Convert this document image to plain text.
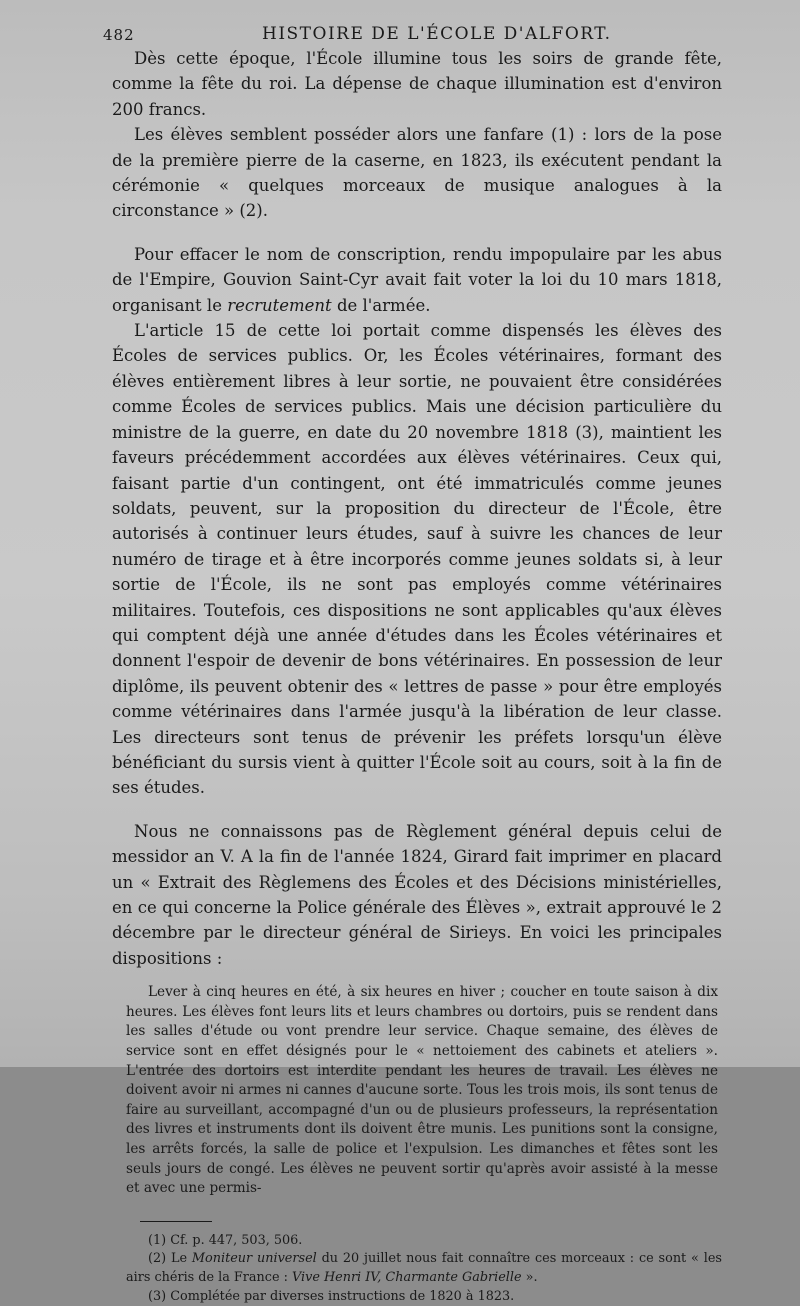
482	HISTOIRE DE L'ÉCOLE D'ALFORT.

Dès cette époque, l'École illumine tous les soirs de grande fête, comme la fête du roi. La dépense de chaque illumination est d'environ 200 francs.

Les élèves semblent posséder alors une fanfare (1) : lors de la pose de la première pierre de la caserne, en 1823, ils exécutent pendant la cérémonie « quelques morceaux de musique analogues à la circonstance » (2).

Pour effacer le nom de conscription, rendu impopulaire par les abus de l'Empire, Gouvion Saint-Cyr avait fait voter la loi du 10 mars 1818, organisant le recrutement de l'armée.

L'article 15 de cette loi portait comme dispensés les élèves des Écoles de services publics. Or, les Écoles vétérinaires, formant des élèves entièrement libres à leur sortie, ne pouvaient être considérées comme Écoles de services publics. Mais une décision particulière du ministre de la guerre, en date du 20 novembre 1818 (3), maintient les faveurs précédemment accordées aux élèves vétérinaires. Ceux qui, faisant partie d'un contingent, ont été immatriculés comme jeunes soldats, peuvent, sur la proposition du directeur de l'École, être autorisés à continuer leurs études, sauf à suivre les chances de leur numéro de tirage et à être incorporés comme jeunes soldats si, à leur sortie de l'École, ils ne sont pas employés comme vétérinaires militaires. Toutefois, ces dispositions ne sont applicables qu'aux élèves qui comptent déjà une année d'études dans les Écoles vétérinaires et donnent l'espoir de devenir de bons vétérinaires. En possession de leur diplôme, ils peuvent obtenir des « lettres de passe » pour être employés comme vétérinaires dans l'armée jusqu'à la libération de leur classe. Les directeurs sont tenus de prévenir les préfets lorsqu'un élève bénéficiant du sursis vient à quitter l'École soit au cours, soit à la fin de ses études.

Nous ne connaissons pas de Règlement général depuis celui de messidor an V. A la fin de l'année 1824, Girard fait imprimer en placard un « Extrait des Règlemens des Écoles et des Décisions ministérielles, en ce qui concerne la Police générale des Élèves », extrait approuvé le 2 décembre par le directeur général de Sirieys. En voici les principales dispositions :

Lever à cinq heures en été, à six heures en hiver ; coucher en toute saison à dix heures. Les élèves font leurs lits et leurs chambres ou dortoirs, puis se rendent dans les salles d'étude ou vont prendre leur service. Chaque semaine, des élèves de service sont en effet désignés pour le « nettoiement des cabinets et ateliers ». L'entrée des dortoirs est interdite pendant les heures de travail. Les élèves ne doivent avoir ni armes ni cannes d'aucune sorte. Tous les trois mois, ils sont tenus de faire au surveillant, accompagné d'un ou de plusieurs professeurs, la représentation des livres et instruments dont ils doivent être munis. Les punitions sont la consigne, les arrêts forcés, la salle de police et l'expulsion. Les dimanches et fêtes sont les seuls jours de congé. Les élèves ne peuvent sortir qu'après avoir assisté à la messe et avec une permis-
(1) Cf. p. 447, 503, 506.
(2) Le Moniteur universel du 20 juillet nous fait connaître ces morceaux : ce sont « les airs chéris de la France : Vive Henri IV, Charmante Gabrielle ».
(3) Complétée par diverses instructions de 1820 à 1823.
